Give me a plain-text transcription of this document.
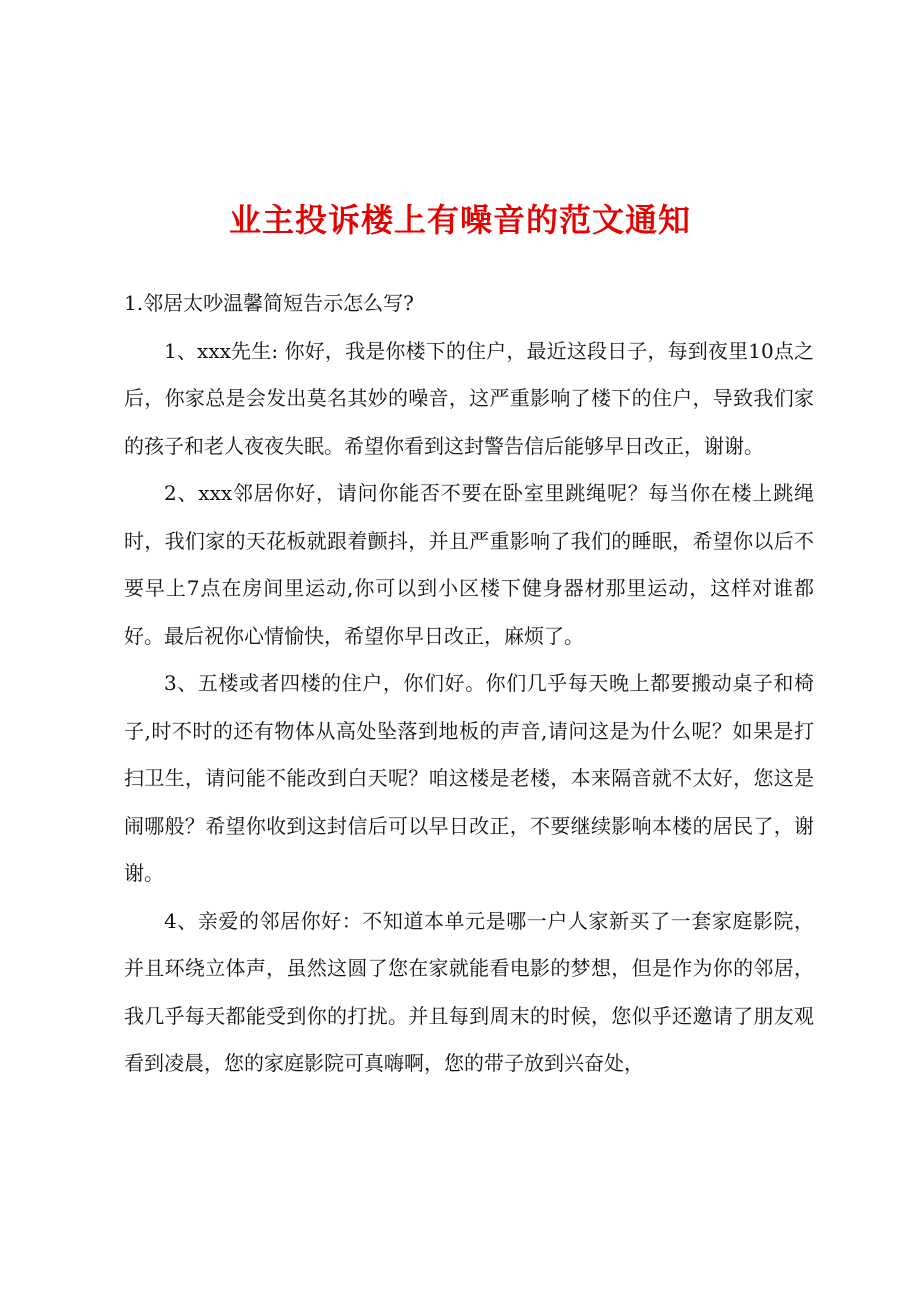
业主投诉楼上有噪音的范文通知

1.邻居太吵温馨简短告示怎么写?

1、xxx先生: 你好，我是你楼下的住户，最近这段日子，每到夜里10点之后，你家总是会发出莫名其妙的噪音，这严重影响了楼下的住户，导致我们家的孩子和老人夜夜失眠。希望你看到这封警告信后能够早日改正，谢谢。

2、xxx邻居你好，请问你能否不要在卧室里跳绳呢？每当你在楼上跳绳时，我们家的天花板就跟着颤抖，并且严重影响了我们的睡眠，希望你以后不要早上7点在房间里运动,你可以到小区楼下健身器材那里运动，这样对谁都好。最后祝你心情愉快，希望你早日改正，麻烦了。

3、五楼或者四楼的住户，你们好。你们几乎每天晚上都要搬动桌子和椅子,时不时的还有物体从高处坠落到地板的声音,请问这是为什么呢？如果是打扫卫生，请问能不能改到白天呢？咱这楼是老楼，本来隔音就不太好，您这是闹哪般？希望你收到这封信后可以早日改正，不要继续影响本楼的居民了，谢谢。

4、亲爱的邻居你好：不知道本单元是哪一户人家新买了一套家庭影院，并且环绕立体声，虽然这圆了您在家就能看电影的梦想，但是作为你的邻居，我几乎每天都能受到你的打扰。并且每到周末的时候，您似乎还邀请了朋友观看到凌晨，您的家庭影院可真嗨啊，您的带子放到兴奋处，
